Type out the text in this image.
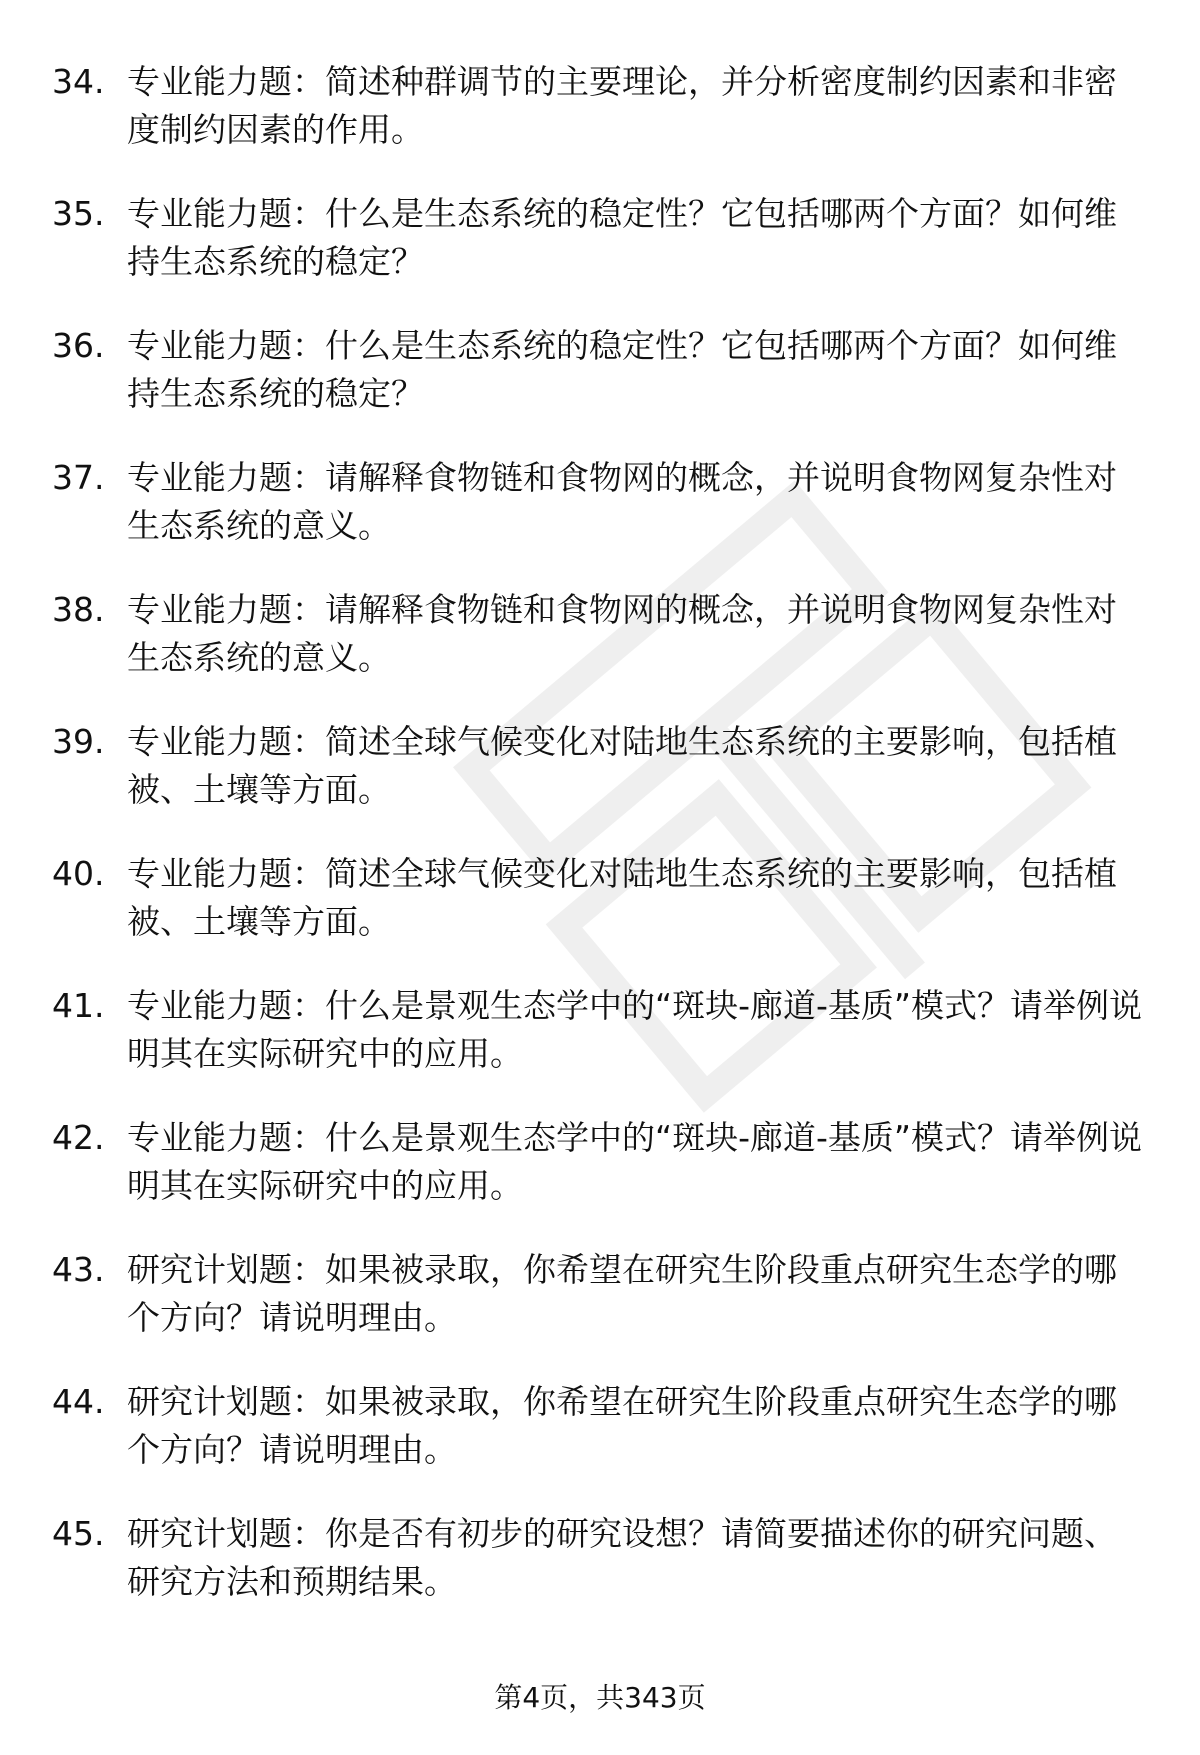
34. 专业能力题：简述种群调节的主要理论，并分析密度制约因素和非密度制约因素的作用。
35. 专业能力题：什么是生态系统的稳定性？它包括哪两个方面？如何维持生态系统的稳定？
36. 专业能力题：什么是生态系统的稳定性？它包括哪两个方面？如何维持生态系统的稳定？
37. 专业能力题：请解释食物链和食物网的概念，并说明食物网复杂性对生态系统的意义。
38. 专业能力题：请解释食物链和食物网的概念，并说明食物网复杂性对生态系统的意义。
39. 专业能力题：简述全球气候变化对陆地生态系统的主要影响，包括植被、土壤等方面。
40. 专业能力题：简述全球气候变化对陆地生态系统的主要影响，包括植被、土壤等方面。
41. 专业能力题：什么是景观生态学中的“斑块-廊道-基质”模式？请举例说明其在实际研究中的应用。
42. 专业能力题：什么是景观生态学中的“斑块-廊道-基质”模式？请举例说明其在实际研究中的应用。
43. 研究计划题：如果被录取，你希望在研究生阶段重点研究生态学的哪个方向？请说明理由。
44. 研究计划题：如果被录取，你希望在研究生阶段重点研究生态学的哪个方向？请说明理由。
45. 研究计划题：你是否有初步的研究设想？请简要描述你的研究问题、研究方法和预期结果。
第4页，共343页
